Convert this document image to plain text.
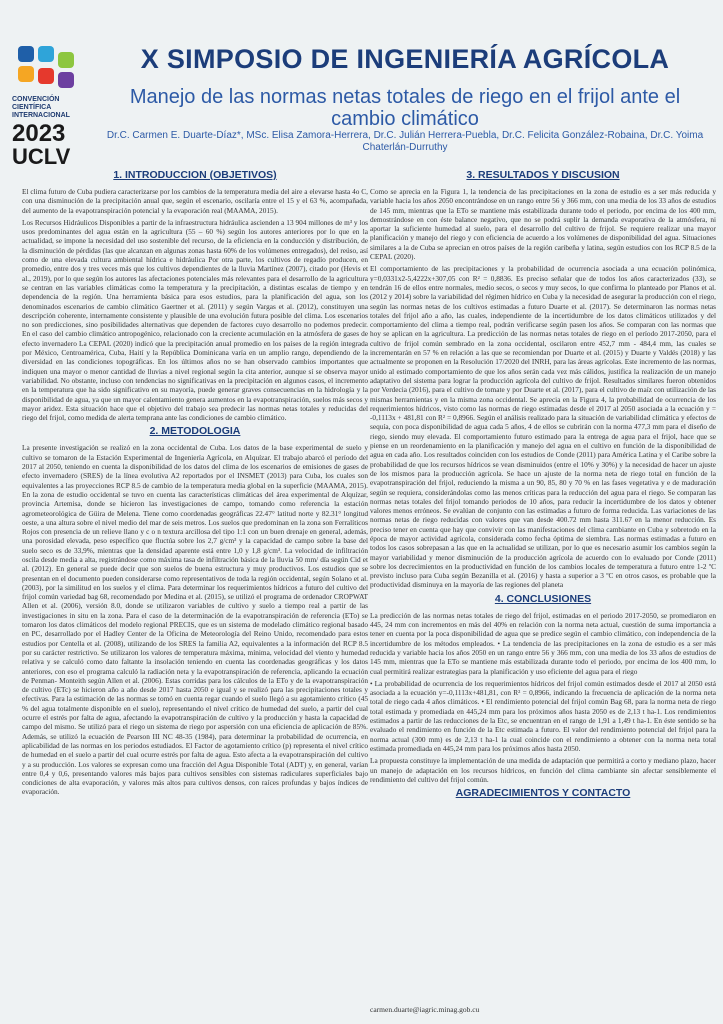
CONVENCIÓN
CIENTÍFICA
INTERNACIONAL
2023
UCLV
X SIMPOSIO DE INGENIERÍA AGRÍCOLA
Manejo de las normas netas totales de riego en el frijol ante el cambio climático
Dr.C. Carmen E. Duarte-Díaz*, MSc. Elisa Zamora-Herrera, Dr.C. Julián Herrera-Puebla, Dr.C. Felicita González-Robaina, Dr.C. Yoima Chaterlán-Durruthy
1. INTRODUCCION (OBJETIVOS)

El clima futuro de Cuba pudiera caracterizarse por los cambios de la temperatura media del aire a elevarse hasta 4o C, con una disminución de la precipitación anual que, según el escenario, oscilaría entre el 15 y el 63 %, acompañada, del aumento de la evapotranspiración potencial y la evaporación real (MAAMA, 2015).

Los Recursos Hidráulicos Disponibles a partir de la infraestructura hidráulica ascienden a 13 904 millones de m³ y los usos predominantes del agua están en la agricultura (55 – 60 %) según los autores anteriores por lo que en la actualidad, se impone la necesidad del uso sostenible del recurso, de la eficiencia en la conducción y distribución, de la disminución de pérdidas (las que alcanzan en algunas zonas hasta 60% de los volúmenes entregados), del reúso, así como de una elevada cultura ambiental hídrica e hidráulica Por otra parte, los cultivos de regadío producen, en promedio, entre dos y tres veces más que los cultivos dependientes de la lluvia Martínez (2007), citado por (Hevis et al., 2019), por lo que según los autores las afectaciones potenciales más relevantes para el desarrollo de la agricultura se centran en las variables climáticas como la temperatura y la precipitación, a distintas escalas de tiempo y en dependencia de la región. Una herramienta básica para esos estudios, para la planificación del agua, son los denominados escenarios de cambio climático Gaertner et al. (2011) y según Vargas et al. (2012), constituyen una descripción coherente, internamente consistente y plausible de una evolución futura posible del clima. Los escenarios no son predicciones, sino posibilidades alternativas que dependen de factores cuyo desarrollo no podemos predecir. En el caso del cambio climático antropogénico, relacionado con la creciente acumulación en la atmósfera de gases de efecto invernadero La CEPAL (2020) indicó que la precipitación anual promedio en los países de la región integrada por México, Centroamérica, Cuba, Haití y la República Dominicana varía en un amplio rango, dependiendo de la diversidad en las condiciones topográficas. En los últimos años no se han observado cambios importantes que indiquen una mayor o menor cantidad de lluvias a nivel regional según la cita anterior, aunque sí se observa mayor variabilidad. No obstante, incluso con tendencias no significativas en la precipitación en algunos casos, el incremento en la temperatura que ha sido significativo en su mayoría, puede generar graves consecuencias en la hidrología y la disponibilidad de agua, ya que un mayor calentamiento genera aumentos en la evapotranspiración, suelos más secos y mayor aridez. Esta situación hace que el objetivo del trabajo sea predecir las normas netas totales y reducidas del riego del frijol, como medida de alerta temprana ante las condiciones de cambio climático.

2. METODOLOGIA

La presente investigación se realizó en la zona occidental de Cuba. Los datos de la base experimental de suelo y cultivo se tomaron de la Estación Experimental de Ingeniería Agrícola, en Alquízar. El trabajo abarcó el período del 2017 al 2050, teniendo en cuenta la disponibilidad de los datos del clima de los escenarios de emisiones de gases de efecto invernadero (SRES) de la línea evolutiva A2 reportados por el INSMET (2013) para Cuba, los cuales son equivalentes a las proyecciones RCP 8.5 de cambio de la temperatura media global en la superficie (MAAMA, 2015). En la zona de estudio occidental se tuvo en cuenta las características climáticas del área experimental de Alquízar, provincia Artemisa, donde se hicieron las investigaciones de campo, tomando como referencia la estación agrometeorológica de Güira de Melena. Tiene como coordenadas geográficas 22.47° latitud norte y 82.31° longitud oeste, a una altura sobre el nivel medio del mar de seis metros. Los suelos que predominan en la zona son Ferralíticos Rojos con presencia de un relieve llano y c o n textura arcillosa del tipo 1:1 con un buen drenaje en general, además, una porosidad elevada, peso específico que fluctúa sobre los 2,7 g/cm³ y la capacidad de campo sobre la base del suelo seco es de 33,9%, mientras que la densidad aparente está entre 1,0 y 1,8 g/cm³. La velocidad de infiltración oscila desde media a alta, registrándose como máxima tasa de infiltración básica de la lluvia 50 mm/ día según Cid et al. (2012). En general se puede decir que son suelos de buena estructura y muy productivos. Los estudios que se presentan en el documento pueden considerarse como representativos de toda la región occidental, según Solano et al. (2003), por la similitud en los suelos y el clima. Para determinar los requerimientos hídricos a futuro del cultivo del frijol común variedad bag 68, recomendado por Medina et al. (2015), se utilizó el programa de ordenador CROPWAT Allen et al. (2006), versión 8.0, donde se utilizaron variables de cultivo y suelo a tiempo real a partir de las investigaciones in situ en la zona. Para el caso de la determinación de la evapotranspiración de referencia (ETo) se tomaron los datos climáticos del modelo regional PRECIS, que es un sistema de modelado climático regional basado en PC, desarrollado por el Hadley Center de la Oficina de Meteorología del Reino Unido, recomendado para estos estudios por Centella et al. (2008), utilizando de los SRES la familia A2, equivalentes a la información del RCP 8.5 por su carácter restrictivo. Se utilizaron los valores de temperatura máxima, mínima, velocidad del viento y humedad relativa y se calculó como dato faltante la insolación teniendo en cuenta las coordenadas geográficas y los datos anteriores, con eso el programa calculó la radiación neta y la evapotranspiración de referencia, aplicando la ecuación de Penman- Monteith según Allen et al. (2006). Estas corridas para los cálculos de la ETo y de la evapotranspiración de cultivo (ETc) se hicieron año a año desde 2017 hasta 2050 e igual y se realizó para las precipitaciones totales y efectivas. Para la estimación de las normas se tomó en cuenta regar cuando el suelo llegó a su agotamiento crítico (45 % del agua totalmente disponible en el suelo), representando el nivel crítico de humedad del suelo, a partir del cual ocurre el estrés por falta de agua, afectando la evapotranspiración de cultivo y la producción y hasta la capacidad de campo del mismo. Se utilizó para el riego un sistema de riego por aspersión con una eficiencia de aplicación de 85%. Además, se utilizó la ecuación de Pearson III NC 48-35 (1984), para determinar la probabilidad de ocurrencia, en aplicabilidad de las normas en los periodos estudiados. El Factor de agotamiento crítico (p) representa el nivel crítico de humedad en el suelo a partir del cual ocurre estrés por falta de agua. Esto afecta a la evapotranspiración del cultivo y a su producción. Los valores se expresan como una fracción del Agua Disponible Total (ADT) y, en general, varían entre 0,4 y 0,6, presentando valores más bajos para cultivos sensibles con sistemas radiculares superficiales bajo condiciones de alta evaporación, y valores más altos para cultivos densos, con raíces profundas y bajos índices de evaporación.

3. RESULTADOS Y DISCUSION

Como se aprecia en la Figura 1, la tendencia de las precipitaciones en la zona de estudio es a ser más reducida y variable hacia los años 2050 encontrándose en un rango entre 56 y 366 mm, con una media de los 33 años de estudios de 145 mm, mientras que la ETo se mantiene más estabilizada durante todo el periodo, por encima de los 400 mm, demostrándose en con éste balance negativo, que no se podrá suplir la demanda evaporativa de la atmósfera, ni aportar la suficiente humedad al suelo, para el desarrollo del cultivo de frijol. Se requiere realizar una mayor planificación y manejo del riego y con eficiencia de acuerdo a los volúmenes de disponibilidad del agua. Situaciones similares a la de Cuba se aprecian en otros países de la región caribeña y latina, según estudios con los RCP 8.5 de la CEPAL (2020).

El comportamiento de las precipitaciones y la probabilidad de ocurrencia asociada a una ecuación polinómica, y=0,0331x2-5,4222x+307,05 con R² = 0,8836. Es preciso señalar que de todos los años caracterizados (33), se tendrán 16 de ellos entre normales, medio secos, o secos y muy secos, lo que confirma lo planteado por Planos et al. (2012 y 2014) sobre la variabilidad del régimen hídrico en Cuba y la necesidad de asegurar la producción con el riego, según las normas netas de los cultivos estimadas a futuro Duarte et al. (2017). Se determinaron las normas netas totales del frijol año a año, las cuales, independiente de la incertidumbre de los datos climáticos utilizados y del comportamiento del clima a tiempo real, podrán verificarse según pasen los años. Se comparan con las normas que hoy se aplican en la agricultura. La predicción de las normas netas totales de riego en el período 2017-2050, para el cultivo de frijol común sembrado en la zona occidental, oscilaron entre 452,7 mm - 484,4 mm, las cuales se incrementarán en 57 % en relación a las que se recomiendan por Duarte et al. (2015) y Duarte y Valdés (2018) y las actualmente se proponen en la Resolución 17/2020 del INRH, para las áreas agrícolas. Este incremento de las normas, unido al estimado comportamiento de que los años serán cada vez más cálidos, justifica la realización de un manejo adaptativo del sistema para lograr la producción agrícola del cultivo de frijol. Resultados similares fueron obtenidos por Verdecia (2016), para el cultivo de tomate y por Duarte et al. (2017), para el cultivo de maíz con utilización de las mismas herramientas y en la misma zona occidental. Se aprecia en la Figura 4, la probabilidad de ocurrencia de los requerimientos hídricos, visto como las normas de riego estimadas desde el 2017 al 2050 asociada a la ecuación y = -0,1113x + 481,81 con R² = 0,8966. Según el análisis realizado para la situación de variabilidad climática y efectos de sequía, con poca disponibilidad de agua cada 5 años, 4 de ellos se cubrirán con la norma 477,3 mm para el diseño de riego, siendo muy elevada. El comportamiento futuro estimado para la entrega de agua para el frijol, hace que se piense en un reordenamiento en la planificación y manejo del agua en el cultivo en función de la disponibilidad de agua en cada año. Los resultados coinciden con los estudios de Conde (2011) para América Latina y el Caribe sobre la probabilidad de que los recursos hídricos se vean disminuidos (entre el 10% y 30%) y la necesidad de hacer un ajuste de los mismos para la producción agrícola. Se hace un ajuste de la norma neta de riego total en función de la evapotranspiración del frijol, reduciendo la misma a un 90, 85, 80 y 70 % en las fases vegetativa y e de maduración según se requiera, considerándolas como las menos críticas para la reducción del agua para el riego. Se comparan las normas netas totales del frijol tomando periodos de 10 años, para reducir la incertidumbre de los datos y obtener valores menos erróneos. Se evalúan de conjunto con las estimadas a futuro de forma reducida. Las variaciones de las normas netas de riego reducidas con valores que van desde 400.72 mm hasta 311.67 en la menor reducción. Es preciso tener en cuenta que hay que convivir con las manifestaciones del clima cambiante en Cuba y sobretodo en la época de mayor actividad agrícola, considerada como fecha óptima de siembra. Las normas estimadas a futuro en todos los casos sobrepasan a las que en la actualidad se utilizan, por lo que es necesario asumir los cambios según la mayor variabilidad y menor disminución de la producción agrícola de acuerdo con lo evaluado por Conde (2011) sobre los decrecimientos en la productividad en función de los cambios locales de temperatura a futuro entre 1-2 ºC previsto incluso para Cuba según Bezanilla et al. (2016) y hasta a superior a 3 ºC en otros casos, es probable que la productividad disminuya en la mayoría de las regiones del planeta

4. CONCLUSIONES

La predicción de las normas netas totales de riego del frijol, estimadas en el periodo 2017-2050, se promediaron en 445, 24 mm con incrementos en más del 40% en relación con la norma neta actual, cuestión de suma importancia a tener en cuenta por la poca disponibilidad de agua que se predice según el cambio climático, con independencia de la incertidumbre de los métodos empleados. • La tendencia de las precipitaciones en la zona de estudio es a ser más reducida y variable hacia los años 2050 en un rango entre 56 y 366 mm, con una media de los 33 años de estudios de 145 mm, mientras que la ETo se mantiene más estabilizada durante todo el periodo, por encima de los 400 mm, lo cual permitirá realizar estrategias para la planificación y uso eficiente del agua para el riego

• La probabilidad de ocurrencia de los requerimientos hídricos del frijol común estimados desde el 2017 al 2050 está asociada a la ecuación y=-0,1113x+481,81, con R² = 0,8966, indicando la frecuencia de aplicación de la norma neta total de riego cada 4 años climáticos. • El rendimiento potencial del frijol común Bag 68, para la norma neta de riego total estimada y promediada en 445,24 mm para los próximos años hasta 2050 es de 2,13 t ha-1. Los rendimientos estimados a partir de las reducciones de la Etc, se encuentran en el rango de 1,91 a 1,49 t ha-1. En éste sentido se ha evaluado el rendimiento en función de la Etc estimada a futuro. El valor del rendimiento potencial del frijol para la norma actual (300 mm) es de 2,13 t ha-1 la cual coincide con el rendimiento a obtener con la norma neta total estimada promediada en 445,24 mm para los próximos años hasta 2050.

La propuesta constituye la implementación de una medida de adaptación que permitirá a corto y mediano plazo, hacer un manejo de adaptación en los recursos hídricos, en función del clima cambiante sin afectar sensiblemente el rendimiento del cultivo del frijol común.

AGRADECIMIENTOS Y CONTACTO
carmen.duarte@iagric.minag.gob.cu
